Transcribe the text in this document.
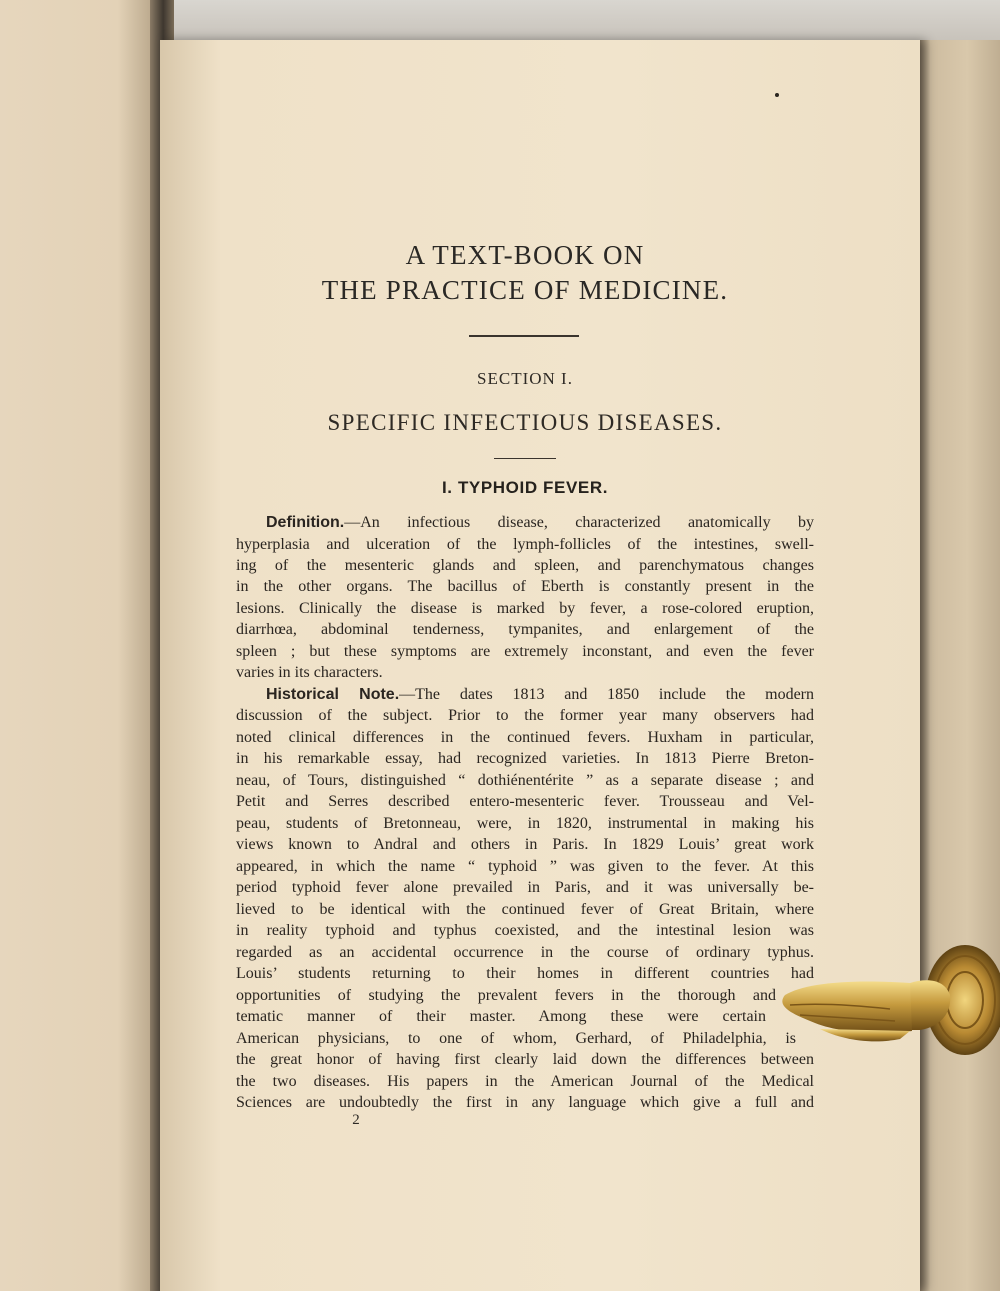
A TEXT-BOOK ON
THE PRACTICE OF MEDICINE.
SECTION I.
SPECIFIC INFECTIOUS DISEASES.
I. TYPHOID FEVER.
Definition.—An infectious disease, characterized anatomically by
hyperplasia and ulceration of the lymph-follicles of the intestines, swell-
ing of the mesenteric glands and spleen, and parenchymatous changes
in the other organs. The bacillus of Eberth is constantly present in the
lesions. Clinically the disease is marked by fever, a rose-colored eruption,
diarrhœa, abdominal tenderness, tympanites, and enlargement of the
spleen ; but these symptoms are extremely inconstant, and even the fever
varies in its characters.
Historical Note.—The dates 1813 and 1850 include the modern
discussion of the subject. Prior to the former year many observers had
noted clinical differences in the continued fevers. Huxham in particular,
in his remarkable essay, had recognized varieties. In 1813 Pierre Breton-
neau, of Tours, distinguished “ dothiénentérite ” as a separate disease ; and
Petit and Serres described entero-mesenteric fever. Trousseau and Vel-
peau, students of Bretonneau, were, in 1820, instrumental in making his
views known to Andral and others in Paris. In 1829 Louis’ great work
appeared, in which the name “ typhoid ” was given to the fever. At this
period typhoid fever alone prevailed in Paris, and it was universally be-
lieved to be identical with the continued fever of Great Britain, where
in reality typhoid and typhus coexisted, and the intestinal lesion was
regarded as an accidental occurrence in the course of ordinary typhus.
Louis’ students returning to their homes in different countries had
opportunities of studying the prevalent fevers in the thorough and
tematic manner of their master. Among these were certain
American physicians, to one of whom, Gerhard, of Philadelphia, is
the great honor of having first clearly laid down the differences between
the two diseases. His papers in the American Journal of the Medical
Sciences are undoubtedly the first in any language which give a full and
2
